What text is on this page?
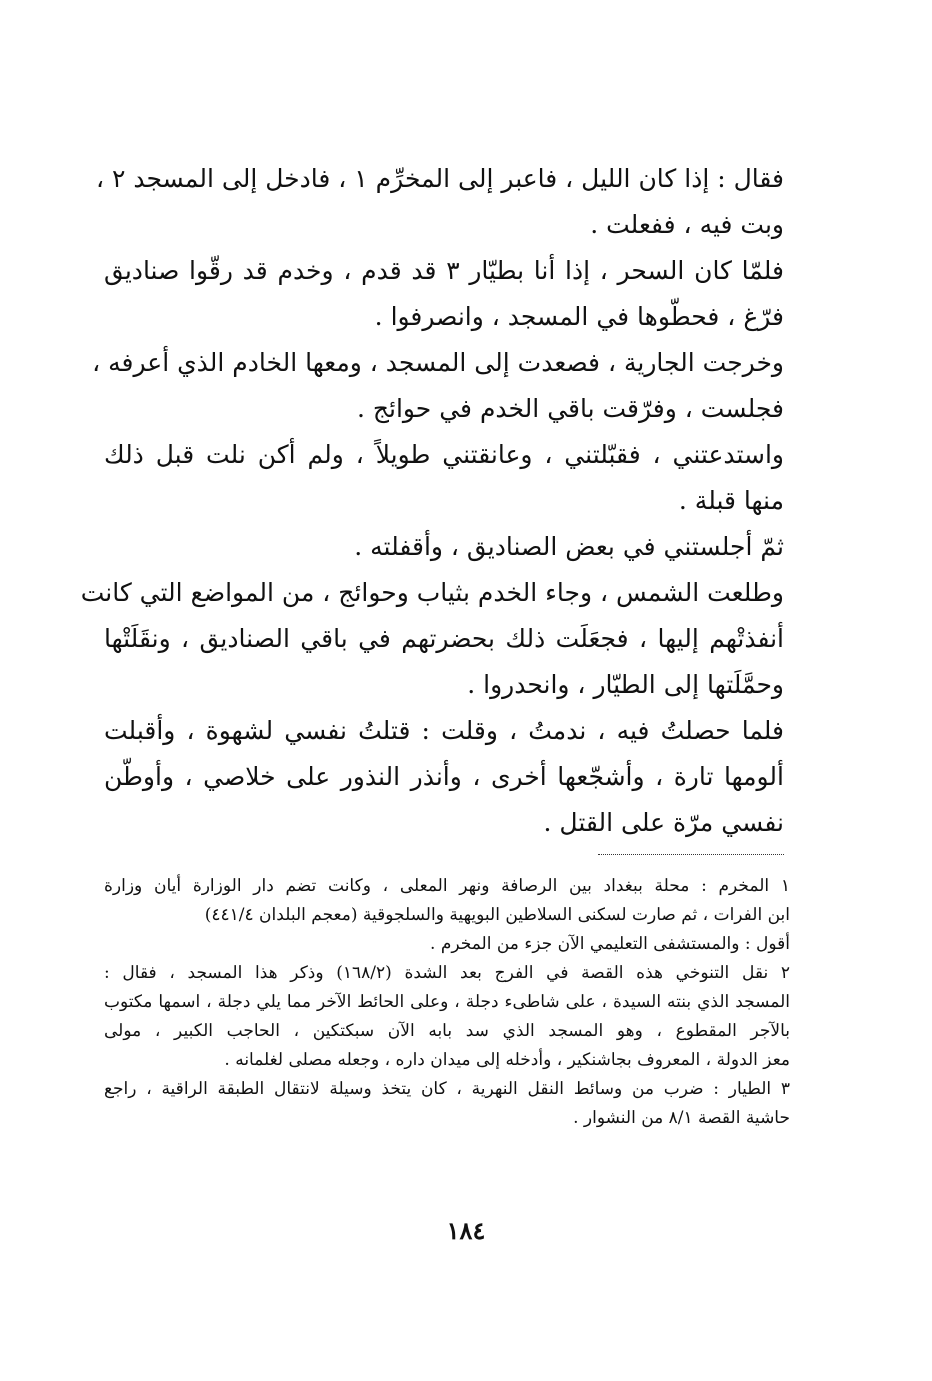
فقال : إذا كان الليل ، فاعبر إلى المخرِّم ١ ، فادخل إلى المسجد ٢ ،
وبت فيه ، ففعلت .
فلمّا كان السحر ، إذا أنا بطيّار ٣ قد قدم ، وخدم قد رقّوا صناديق
فرّغ ، فحطّوها في المسجد ، وانصرفوا .
وخرجت الجارية ، فصعدت إلى المسجد ، ومعها الخادم الذي أعرفه ،
فجلست ، وفرّقت باقي الخدم في حوائج .
واستدعتني ، فقبّلتني ، وعانقتني طويلاً ، ولم أكن نلت قبل ذلك
منها قبلة .
ثمّ أجلستني في بعض الصناديق ، وأقفلته .
وطلعت الشمس ، وجاء الخدم بثياب وحوائج ، من المواضع التي كانت
أنفذتْهم إليها ، فجعَلَت ذلك بحضرتهم في باقي الصناديق ، ونقَلَتْها
وحمَّلَتها إلى الطيّار ، وانحدروا .
فلما حصلتُ فيه ، ندمتُ ، وقلت : قتلتُ نفسي لشهوة ، وأقبلت
ألومها تارة ، وأشجّعها أخرى ، وأنذر النذور على خلاصي ، وأوطّن
نفسي مرّة على القتل .
١ المخرم : محلة ببغداد بين الرصافة ونهر المعلى ، وكانت تضم دار الوزارة أيان وزارة
ابن الفرات ، ثم صارت لسكنى السلاطين البويهية والسلجوقية (معجم البلدان ٤٤١/٤)
أقول : والمستشفى التعليمي الآن جزء من المخرم .
٢ نقل التنوخي هذه القصة في الفرج بعد الشدة (١٦٨/٢) وذكر هذا المسجد ، فقال :
المسجد الذي بنته السيدة ، على شاطىء دجلة ، وعلى الحائط الآخر مما يلي دجلة ، اسمها مكتوب
بالآجر المقطوع ، وهو المسجد الذي سد بابه الآن سبكتكين ، الحاجب الكبير ، مولى
معز الدولة ، المعروف بجاشنكير ، وأدخله إلى ميدان داره ، وجعله مصلى لغلمانه .
٣ الطيار : ضرب من وسائط النقل النهرية ، كان يتخذ وسيلة لانتقال الطبقة الراقية ، راجع
حاشية القصة ٨/١ من النشوار .
١٨٤
